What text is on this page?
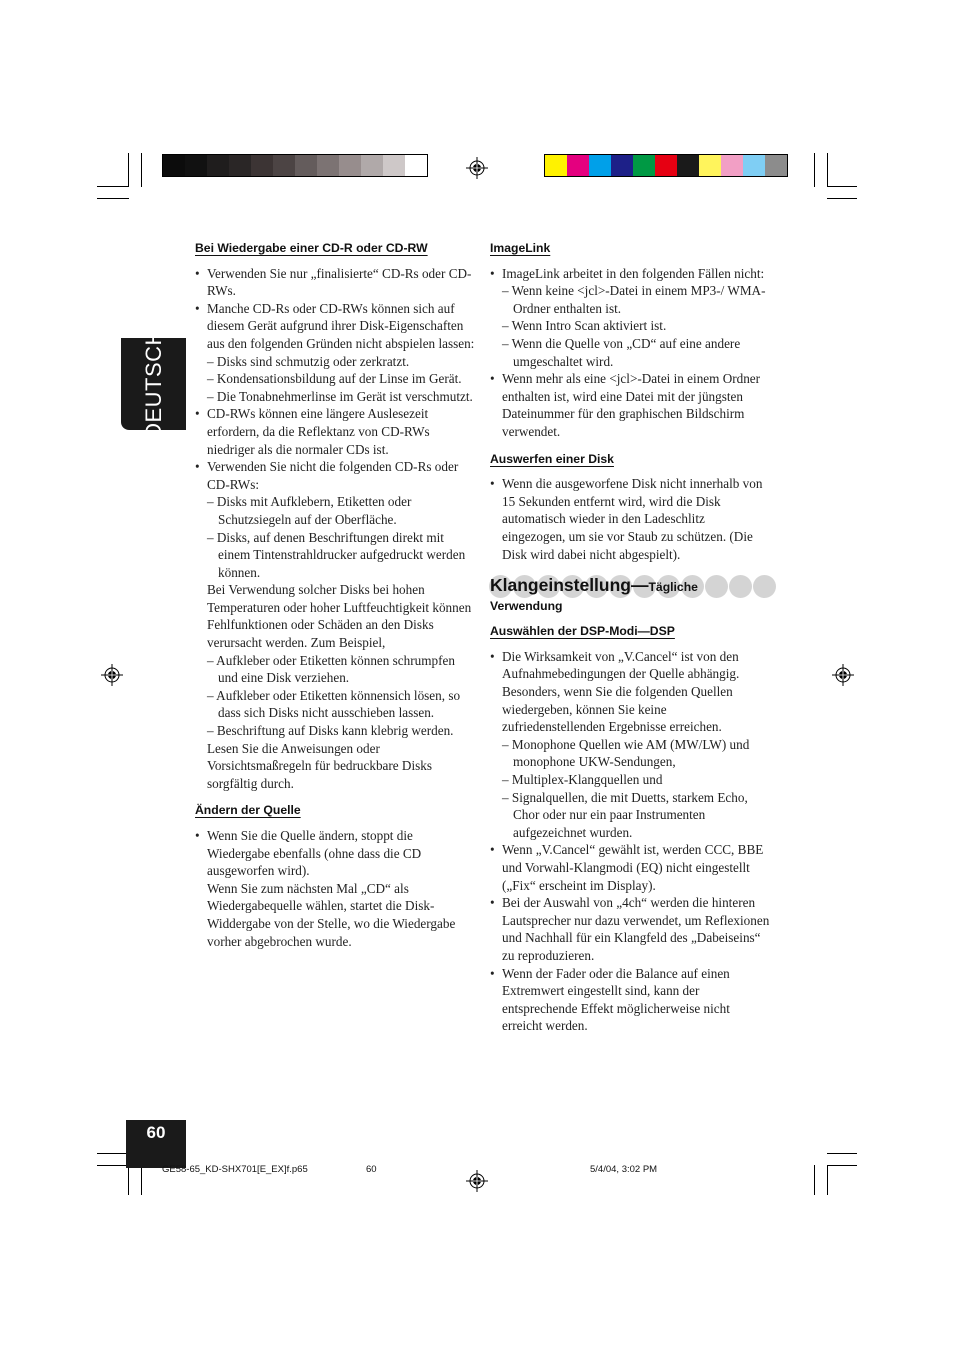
DEUTSCH
Bei Wiedergabe einer CD-R oder CD-RW
• Verwenden Sie nur „finalisierte“ CD-Rs oder CD-RWs.
• Manche CD-Rs oder CD-RWs können sich auf diesem Gerät aufgrund ihrer Disk-Eigenschaften aus den folgenden Gründen nicht abspielen lassen:
– Disks sind schmutzig oder zerkratzt.
– Kondensationsbildung auf der Linse im Gerät.
– Die Tonabnehmerlinse im Gerät ist verschmutzt.
• CD-RWs können eine längere Auslesezeit erfordern, da die Reflektanz von CD-RWs niedriger als die normaler CDs ist.
• Verwenden Sie nicht die folgenden CD-Rs oder CD-RWs:
– Disks mit Aufklebern, Etiketten oder Schutzsiegeln auf der Oberfläche.
– Disks, auf denen Beschriftungen direkt mit einem Tintenstrahldrucker aufgedruckt werden können.
Bei Verwendung solcher Disks bei hohen Temperaturen oder hoher Luftfeuchtigkeit können Fehlfunktionen oder Schäden an den Disks verursacht werden. Zum Beispiel,
– Aufkleber oder Etiketten können schrumpfen und eine Disk verziehen.
– Aufkleber oder Etiketten könnensich lösen, so dass sich Disks nicht ausschieben lassen.
– Beschriftung auf Disks kann klebrig werden.
Lesen Sie die Anweisungen oder Vorsichtsmaßregeln für bedruckbare Disks sorgfältig durch.
Ändern der Quelle
• Wenn Sie die Quelle ändern, stoppt die Wiedergabe ebenfalls (ohne dass die CD ausgeworfen wird).
Wenn Sie zum nächsten Mal „CD“ als Wiedergabequelle wählen, startet die Disk-Widdergabe von der Stelle, wo die Wiedergabe vorher abgebrochen wurde.
ImageLink
• ImageLink arbeitet in den folgenden Fällen nicht:
– Wenn keine <jcl>-Datei in einem MP3-/ WMA-Ordner enthalten ist.
– Wenn Intro Scan aktiviert ist.
– Wenn die Quelle von „CD“ auf eine andere umgeschaltet wird.
• Wenn mehr als eine <jcl>-Datei in einem Ordner enthalten ist, wird eine Datei mit der jüngsten Dateinummer für den graphischen Bildschirm verwendet.
Auswerfen einer Disk
• Wenn die ausgeworfene Disk nicht innerhalb von 15 Sekunden entfernt wird, wird die Disk automatisch wieder in den Ladeschlitz eingezogen, um sie vor Staub zu schützen. (Die Disk wird dabei nicht abgespielt).
Klangeinstellung—Tägliche Verwendung
Auswählen der DSP-Modi—DSP
• Die Wirksamkeit von „V.Cancel“ ist von den Aufnahmebedingungen der Quelle abhängig. Besonders, wenn Sie die folgenden Quellen wiedergeben, können Sie keine zufriedenstellenden Ergebnisse erreichen.
– Monophone Quellen wie AM (MW/LW) und monophone UKW-Sendungen,
– Multiplex-Klangquellen und
– Signalquellen, die mit Duetts, starkem Echo, Chor oder nur ein paar Instrumenten aufgezeichnet wurden.
• Wenn „V.Cancel“ gewählt ist, werden CCC, BBE und Vorwahl-Klangmodi (EQ) nicht eingestellt („Fix“ erscheint im Display).
• Bei der Auswahl von „4ch“ werden die hinteren Lautsprecher nur dazu verwendet, um Reflexionen und Nachhall für ein Klangfeld des „Dabeiseins“ zu reproduzieren.
• Wenn der Fader oder die Balance auf einen Extremwert eingestellt sind, kann der entsprechende Effekt möglicherweise nicht erreicht werden.
60
GE58-65_KD-SHX701[E_EX]f.p65	60	5/4/04, 3:02 PM
